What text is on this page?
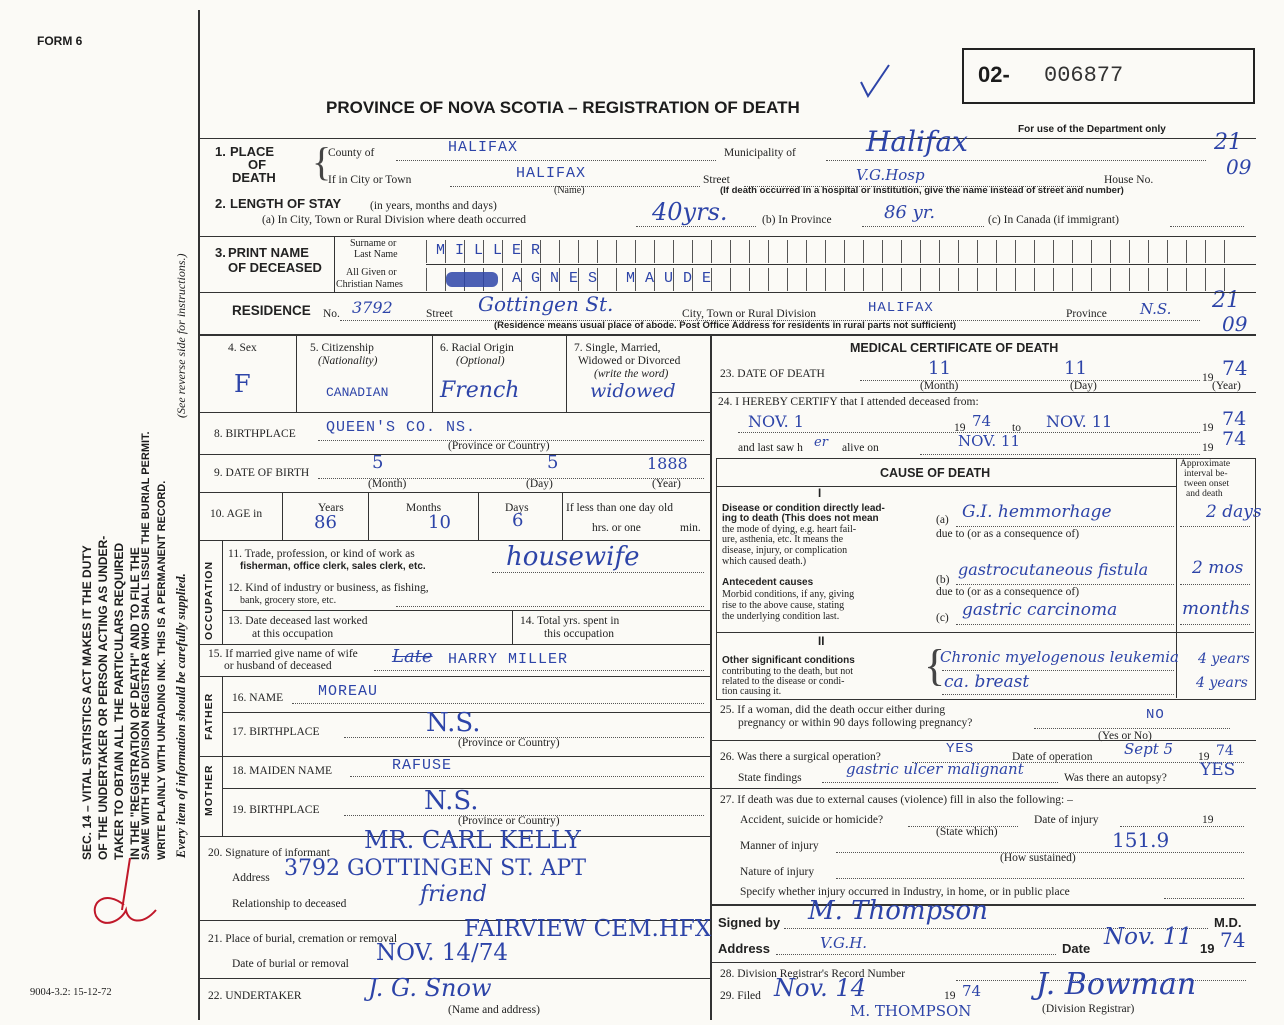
FORM 6
PROVINCE OF NOVA SCOTIA – REGISTRATION OF DEATH
02- 006877
For use of the Department only
21
09
21
09
SEC. 14 – VITAL STATISTICS ACT MAKES IT THE DUTY OF THE UNDERTAKER OR PERSON ACTING AS UNDER- TAKER TO OBTAIN ALL THE PARTICULARS REQUIRED IN THE "REGISTRATION OF DEATH" AND TO FILE THE
SAME WITH THE DIVISION REGISTRAR WHO SHALL ISSUE THE BURIAL PERMIT. WRITE PLAINLY WITH UNFADING INK. THIS IS A PERMANENT RECORD. Every item of information should be carefully supplied.
(See reverse side for instructions.)
9004-3.2: 15-12-72
1. PLACE
OF
DEATH {
County of	HALIFAX	Municipality of	Halifax
If in City or Town	HALIFAX
(Name)
Street	V.G.Hosp	House No.
(If death occurred in a hospital or institution, give the name instead of street and number)
2. LENGTH OF STAY	(in years, months and days)
(a) In City, Town or Rural Division where death occurred	40yrs.	(b) In Province	86 yr.	(c) In Canada (if immigrant)
3. PRINT NAME
OF DECEASED
Surname or
Last Name
All Given or
Christian Names
M I L L E R
A G N E S M A U D E
RESIDENCE No. 3792	Street Gottingen St.	City, Town or Rural Division	HALIFAX	Province N.S.
(Residence means usual place of abode. Post Office Address for residents in rural parts not sufficient)
4. Sex
F
5. Citizenship
(Nationality)
CANADIAN
6. Racial Origin
(Optional)
French
7. Single, Married,
Widowed or Divorced
(write the word)
widowed
8. BIRTHPLACE QUEEN'S CO. NS.
(Province or Country)
9. DATE OF BIRTH	5	5	1888
(Month)	(Day)	(Year)
10. AGE in	Years	Months	Days
86	10	6
If less than one day old
hrs. or one	min.
OCCUPATION
11. Trade, profession, or kind of work as
fisherman, office clerk, sales clerk, etc.	housewife
12. Kind of industry or business, as fishing,
bank, grocery store, etc.
13. Date deceased last worked
at this occupation
14. Total yrs. spent in
this occupation
15. If married give name of wife
or husband of deceased	Late HARRY MILLER
FATHER 16. NAME MOREAU
17. BIRTHPLACE	N.S.
(Province or Country)
MOTHER 18. MAIDEN NAME	RAFUSE
19. BIRTHPLACE	N.S.
(Province or Country)
20. Signature of informant MR. CARL KELLY
Address 3792 GOTTINGEN ST. APT
Relationship to deceased	friend
21. Place of burial, cremation or removal	FAIRVIEW CEM.HFX
Date of burial or removal NOV. 14/74
22. UNDERTAKER	J. G. Snow
(Name and address)
MEDICAL CERTIFICATE OF DEATH
23. DATE OF DEATH	11	11	19 74
(Month)	(Day)	(Year)
24. I HEREBY CERTIFY that I attended deceased from:
NOV. 1	19 74 to NOV. 11	19 74
and last saw h er alive on	NOV. 11	19 74
CAUSE OF DEATH
Approximate
interval be-
tween onset
and death
I
Disease or condition directly lead-
ing to death (This does not mean
the mode of dying, e.g. heart fail-
ure, asthenia, etc. It means the
disease, injury, or complication
which caused death.)
Antecedent causes
Morbid conditions, if any, giving
rise to the above cause, stating
the underlying condition last.
(a) G.I. hemmorhage	2 days
due to (or as a consequence of)
(b)
gastrocutaneous fistula	2 mos
due to (or as a consequence of)
(c) gastric carcinoma	months
II
Other significant conditions
contributing to the death, but not
related to the disease or condi-
tion causing it.
{
Chronic myelogenous leukemia 4 years
ca. breast	4 years
25. If a woman, did the death occur either during
pregnancy or within 90 days following pregnancy?	NO
(Yes or No)
26. Was there a surgical operation?	YES	Date of operation Sept 5 19 74
State findings	gastric ulcer malignant	Was there an autopsy? YES
27. If death was due to external causes (violence) fill in also the following: –
Accident, suicide or homicide?	Date of injury	19
(State which)
Manner of injury	151.9
(How sustained)
Nature of injury
Specify whether injury occurred in Industry, in home, or in public place
Signed by M. Thompson	M.D.
Address	V.G.H.	Date Nov. 11 19 74
28. Division Registrar's Record Number
29. Filed Nov. 14	19 74 J. Bowman
(Division Registrar)
M. THOMPSON
